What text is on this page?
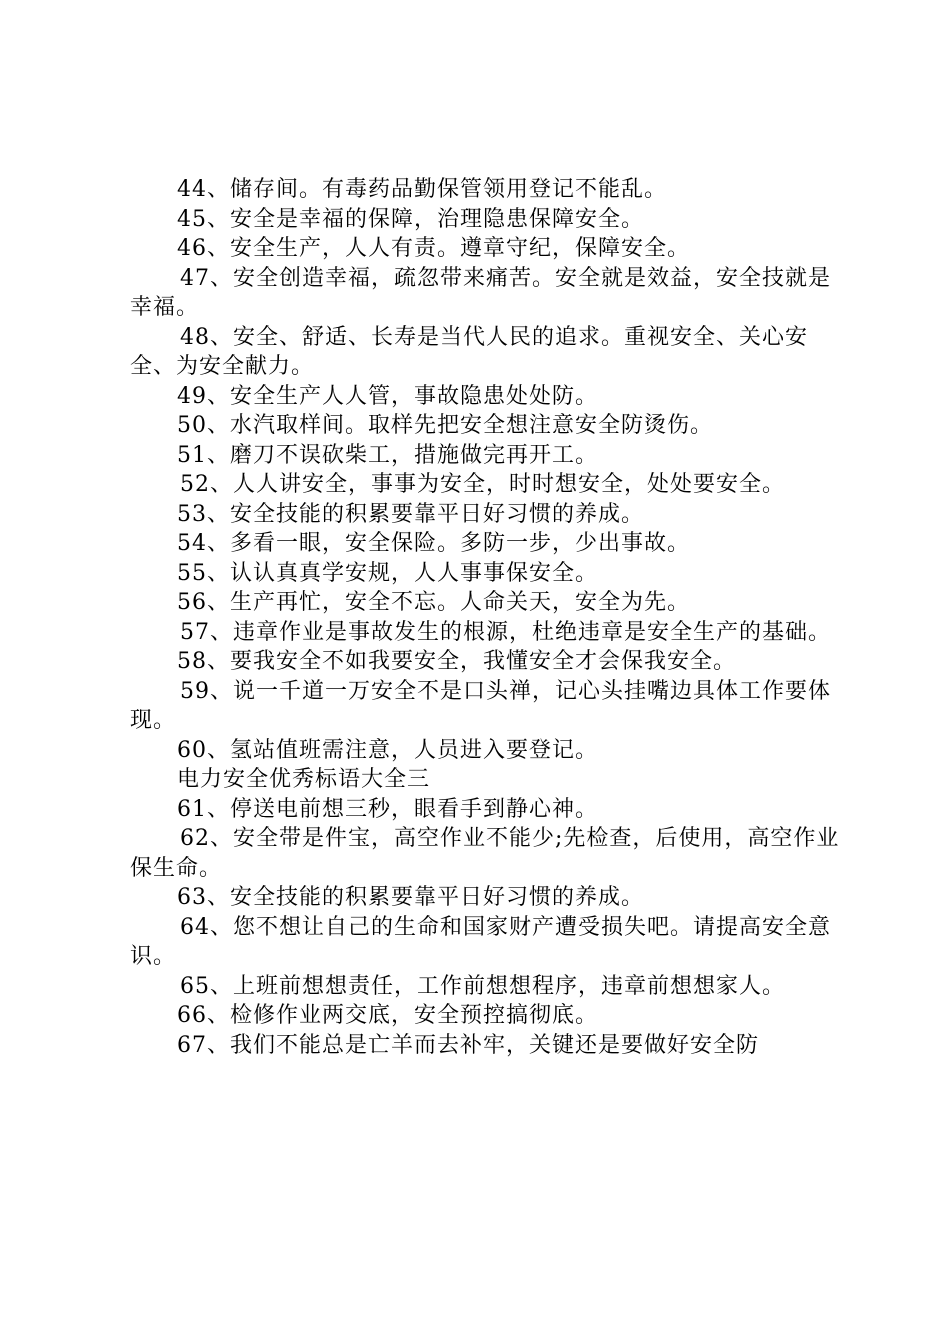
44、储存间。有毒药品勤保管领用登记不能乱。

45、安全是幸福的保障，治理隐患保障安全。

46、安全生产，人人有责。遵章守纪，保障安全。

47、安全创造幸福，疏忽带来痛苦。安全就是效益，安全技就是幸福。

48、安全、舒适、长寿是当代人民的追求。重视安全、关心安全、为安全献力。

49、安全生产人人管，事故隐患处处防。

50、水汽取样间。取样先把安全想注意安全防烫伤。

51、磨刀不误砍柴工，措施做完再开工。

52、人人讲安全，事事为安全，时时想安全，处处要安全。

53、安全技能的积累要靠平日好习惯的养成。

54、多看一眼，安全保险。多防一步，少出事故。

55、认认真真学安规，人人事事保安全。

56、生产再忙，安全不忘。人命关天，安全为先。

57、违章作业是事故发生的根源，杜绝违章是安全生产的基础。

58、要我安全不如我要安全，我懂安全才会保我安全。

59、说一千道一万安全不是口头禅，记心头挂嘴边具体工作要体现。

60、氢站值班需注意，人员进入要登记。

电力安全优秀标语大全三

61、停送电前想三秒，眼看手到静心神。

62、安全带是件宝，高空作业不能少;先检查，后使用，高空作业保生命。

63、安全技能的积累要靠平日好习惯的养成。

64、您不想让自己的生命和国家财产遭受损失吧。请提高安全意识。

65、上班前想想责任，工作前想想程序，违章前想想家人。

66、检修作业两交底，安全预控搞彻底。

67、我们不能总是亡羊而去补牢，关键还是要做好安全防
